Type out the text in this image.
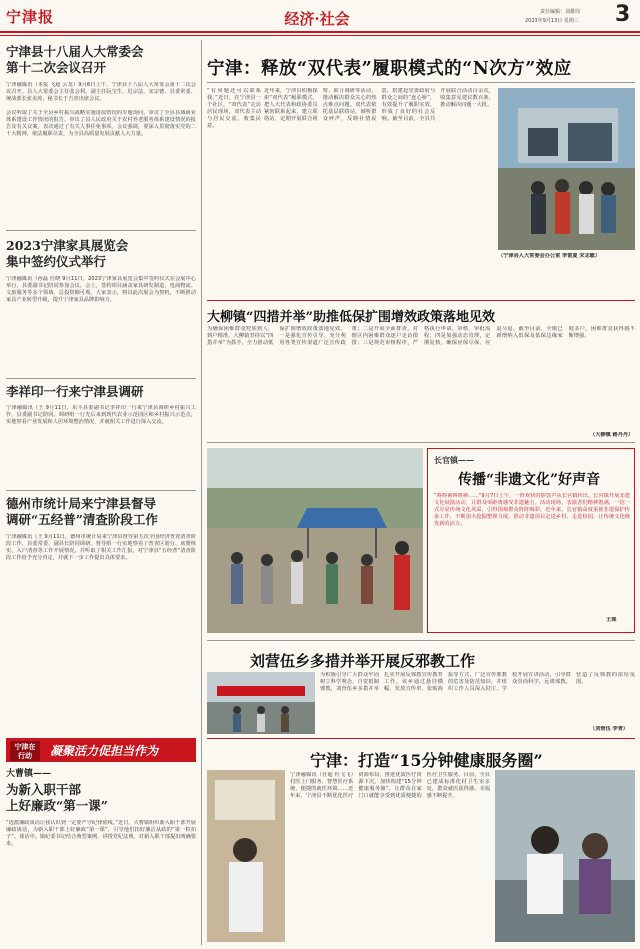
宁津报	经济·社会	责任编辑：刘雄周
2023年9月13日 星期三 3
宁津县十八届人大常委会
第十二次会议召开
宁津融媒讯（本报 飞超 云龙）9月6日上午，宁津县十八届人大常委会第十二次会议召开。县人大常委会主任张会利，副主任阮宝生、迟宗法、宋宗德，县委常委、统战部长张美涛，秘书长于吉喜出席会议。
会议听取了关于全县乡村振兴战略实施进展情况的专题询问，审议了全县县域商业体系建设工作情况的报告，审议了县人民政府关于农村养老服务体系建设情况的报告及有关议案，表决通过了有关人事任免事项。会议强调，要深入贯彻落实党的二十大精神，依法履职尽责，为全县高质量发展贡献人大力量。
2023宁津家具展览会
集中签约仪式举行
宁津融媒讯（孙磊 任晓 9月11日，2023宁津家具展览会集中签约仪式在会展中心举行，县委副书记陪同参加会议。会上，签约项目涵盖家具研发制造、电商物流、文旅服务等多个领域，总投资额可观。大家表示，将以此次展会为契机，不断推动家具产业转型升级，提升宁津家具品牌影响力。
李祥印一行来宁津县调研
宁津融媒讯（王 9月11日，东平县委副书记李祥印一行来宁津县调研乡村振兴工作，县委副书记陪同。调研组一行先后来到现代农业示范园区和乡村振兴示范点，实地察看产业发展和人居环境整治情况，并就相关工作进行深入交流。
德州市统计局来宁津县督导
调研“五经普”清查阶段工作
宁津融媒讯（王 9月11日，德州市统计局来宁津县督导第五次全国经济普查清查阶段工作，县委常委、副县长陪同调研。督导组一行实地察看了普查区划分、底册核实、入户清查等工作开展情况，并听取了相关工作汇报，对宁津县“五经普”清查阶段工作给予充分肯定，并就下一步工作提出具体要求。
宁津在行动	凝聚活力促担当作为
大曹镇——
为新入职干部
上好廉政“第一课”
“选派廉政谈话让我认识到一定要严守纪律底线。”近日，大曹镇组织新入职干部开展廉政谈话，为新入职干部上好廉政“第一课”，引导他们扣好廉洁从政的“第一粒扣子”。谈话中，镇纪委书记结合典型案例，讲授党纪法规，对新入职干部提出明确要求。
宁津：释放“双代表”履职模式的“N次方”效应
“有问题还可以联系我。”近日，在宁津县一个社区，“双代表”走访居民现场，双代表主动与居民交流，收集民意。
近年来，宁津县积极探索“双代表”履职模式，把人大代表和政协委员紧密联系起来，建立联络站，定期开展联合视察、联合调研等活动，推动解决群众关心的热点难点问题。双代表依托基层联络站，倾听群众呼声，反映社情民意，搭建起党委政府与群众之间的“连心桥”，有效提升了履职实效，形成了良好的社会反响。截至目前，全县共开展联合活动百余次，收集意见建议数百条，推动解决问题一大批。
（宁津县人大常委会办公室 李雷夏 宋志敏）
大柳镇“四措并举”助推低保扩围增效政策落地见效
为确保困难群众兜底到人，到户精准，大柳镇坚持以“四措并举”为抓手，全力推动低保扩围增效政策落地见效。一是强化宣传引导，充分利用各类宣传渠道广泛宣传政策；二是开展全面排查，对辖区内困难群众逐户走访摸排；三是规范审核程序，严格执行申请、审核、审批流程；四是加强动态管理，定期复核，确保应保尽保、应退尽退。截至目前，全镇已新增纳入低保及低保边缘家庭多户，困难群众获得感不断增强。
（大柳镇 路丹丹）
长官镇——
传播“非遗文化”好声音
“咚咚锵咚咚锵……”9月7日上午，一阵欢快的锣鼓声从长官镇传出。长官镇开展非遗文化展演活动，让群众零距离感受非遗魅力。活动现场，表演者们精神饱满，一招一式尽显传统文化风采，引得围观群众阵阵喝彩。近年来，长官镇高度重视非遗保护传承工作，不断加大挖掘整理力度，推动非遗项目走进乡村、走进校园，让传统文化焕发新的活力。
王琛
刘营伍乡多措并举开展反邪教工作
为积极引导广大群众牢固树立科学观念，自觉抵制邪教，刘营伍乡多措并举扎实开展反邪教宣传教育工作。该乡通过悬挂横幅、发放宣传单、张贴海报等方式，广泛宣传邪教的危害及防范知识，并组织工作人员深入村庄、学校开展宣讲活动，引导群众崇尚科学，远离邪教，营造了反邪教的浓厚氛围。
（刘营伍 李青）
宁津：打造“15分钟健康服务圈”
宁津融媒讯（任超 杜飞飞）村医上门服务、智慧医疗系统、便捷的就医环境……近年来，宁津县不断优化医疗资源布局，推进优质医疗资源下沉，加快构建“15分钟健康服务圈”，让群众在家门口就能享受到优质便捷的医疗卫生服务。目前，全县已建成标准化村卫生室多处，群众就医获得感、幸福感不断提升。
